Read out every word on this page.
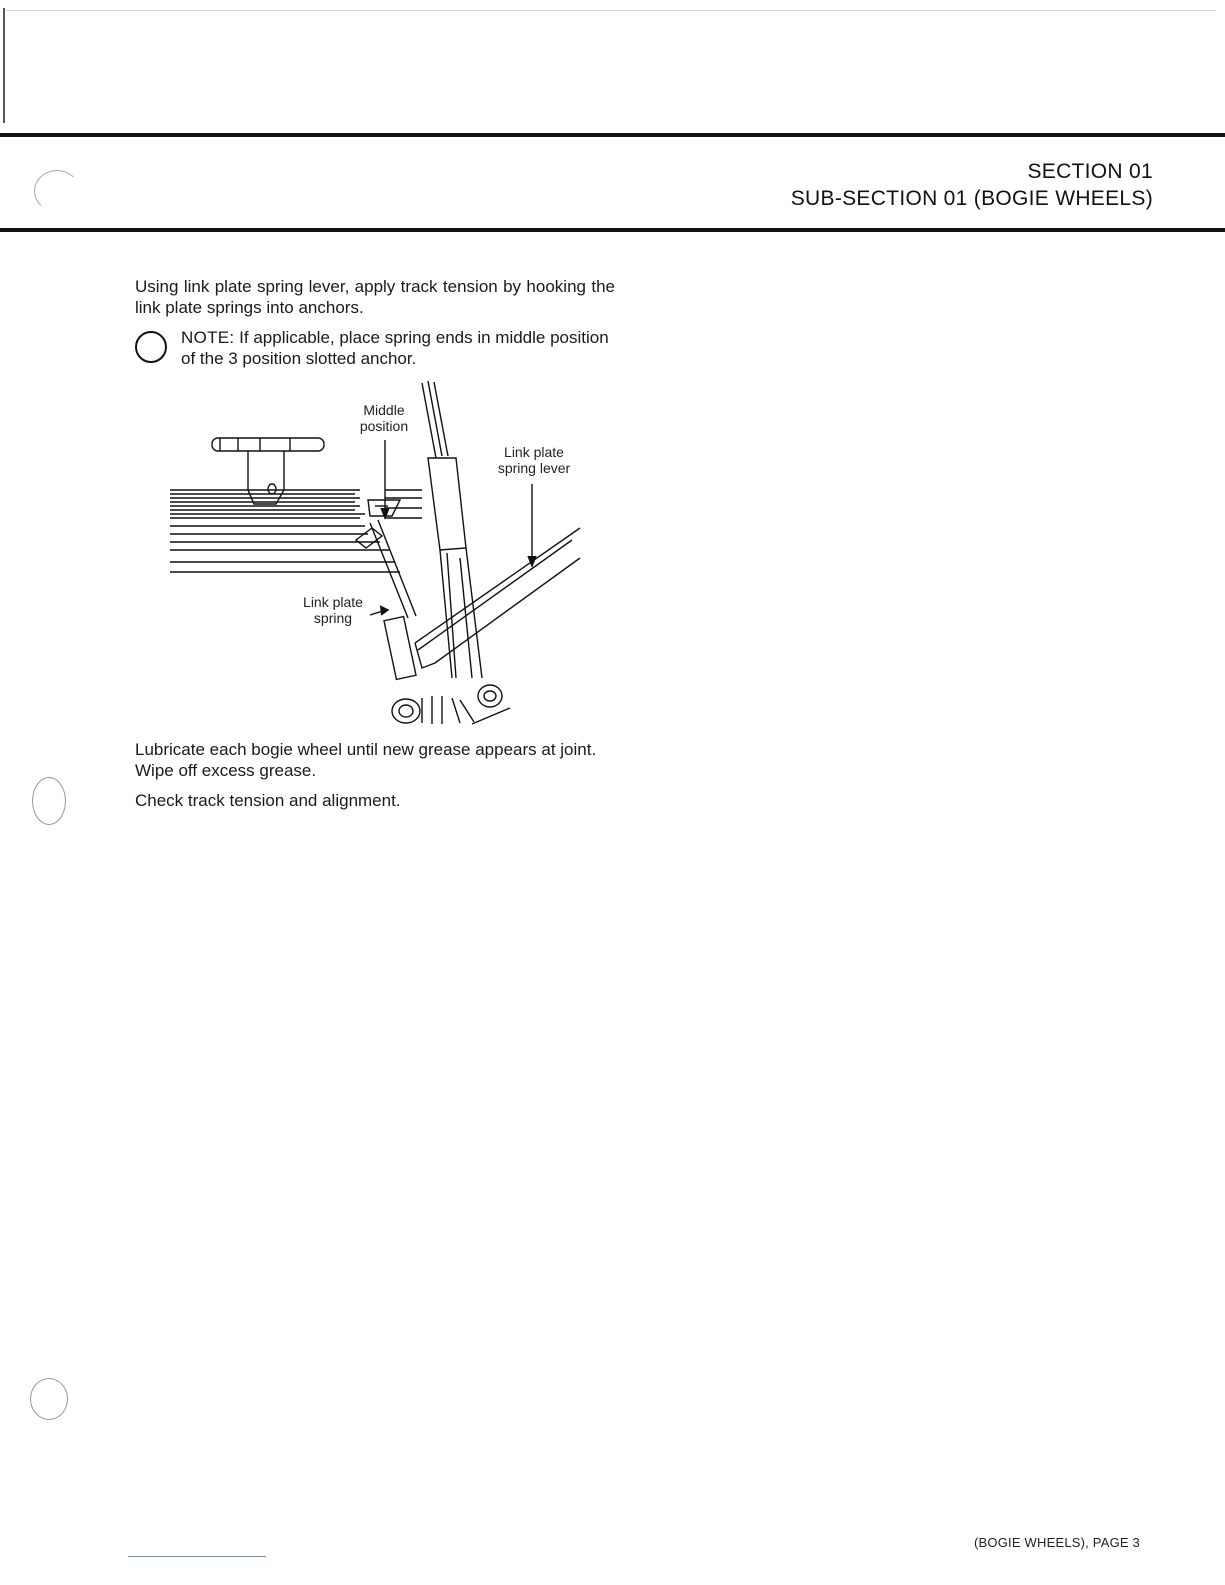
SECTION 01
SUB-SECTION 01 (BOGIE WHEELS)
Using link plate spring lever, apply track tension by hooking the link plate springs into anchors.
NOTE: If applicable, place spring ends in middle position of the 3 position slotted anchor.
Middle
position
Link plate
spring lever
Link plate
spring
Lubricate each bogie wheel until new grease appears at joint. Wipe off excess grease.
Check track tension and alignment.
(BOGIE WHEELS), PAGE 3
